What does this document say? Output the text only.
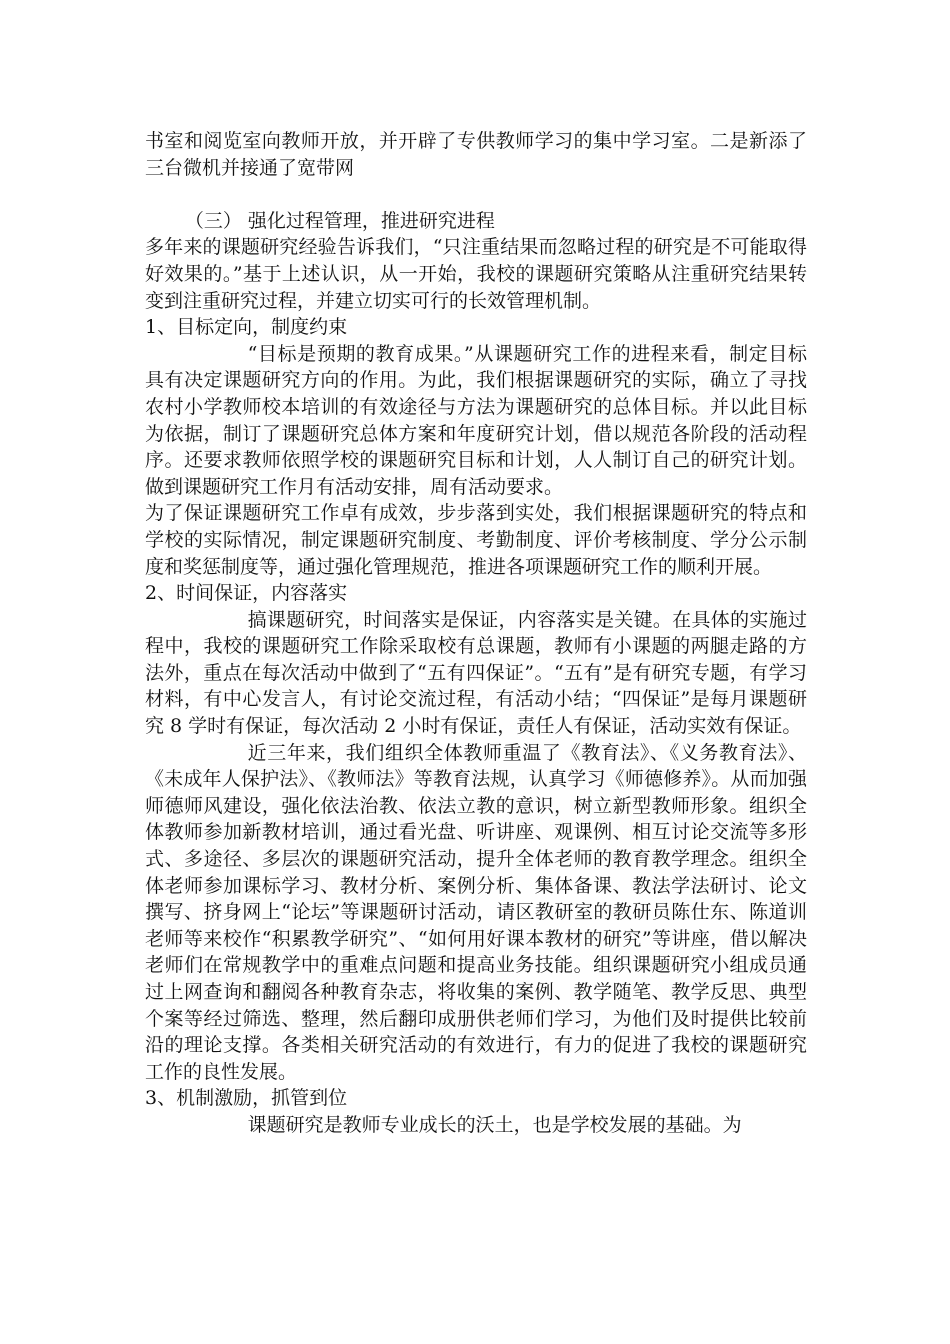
书室和阅览室向教师开放，并开辟了专供教师学习的集中学习室。二是新添了三台微机并接通了宽带网

（三） 强化过程管理，推进研究进程

多年来的课题研究经验告诉我们，“只注重结果而忽略过程的研究是不可能取得好效果的。”基于上述认识，从一开始，我校的课题研究策略从注重研究结果转变到注重研究过程，并建立切实可行的长效管理机制。

1、目标定向，制度约束

“目标是预期的教育成果。”从课题研究工作的进程来看，制定目标具有决定课题研究方向的作用。为此，我们根据课题研究的实际，确立了寻找农村小学教师校本培训的有效途径与方法为课题研究的总体目标。并以此目标为依据，制订了课题研究总体方案和年度研究计划，借以规范各阶段的活动程序。还要求教师依照学校的课题研究目标和计划，人人制订自己的研究计划。做到课题研究工作月有活动安排，周有活动要求。

为了保证课题研究工作卓有成效，步步落到实处，我们根据课题研究的特点和学校的实际情况，制定课题研究制度、考勤制度、评价考核制度、学分公示制度和奖惩制度等，通过强化管理规范，推进各项课题研究工作的顺利开展。

2、时间保证，内容落实

搞课题研究，时间落实是保证，内容落实是关键。在具体的实施过程中，我校的课题研究工作除采取校有总课题，教师有小课题的两腿走路的方法外，重点在每次活动中做到了“五有四保证”。“五有”是有研究专题，有学习材料，有中心发言人，有讨论交流过程，有活动小结；“四保证”是每月课题研究 8 学时有保证，每次活动 2 小时有保证，责任人有保证，活动实效有保证。

近三年来，我们组织全体教师重温了《教育法》、《义务教育法》、《未成年人保护法》、《教师法》等教育法规，认真学习《师德修养》。从而加强师德师风建设，强化依法治教、依法立教的意识，树立新型教师形象。组织全体教师参加新教材培训，通过看光盘、听讲座、观课例、相互讨论交流等多形式、多途径、多层次的课题研究活动，提升全体老师的教育教学理念。组织全体老师参加课标学习、教材分析、案例分析、集体备课、教法学法研讨、论文撰写、挤身网上“论坛”等课题研讨活动，请区教研室的教研员陈仕东、陈道训老师等来校作“积累教学研究”、“如何用好课本教材的研究”等讲座，借以解决老师们在常规教学中的重难点问题和提高业务技能。组织课题研究小组成员通过上网查询和翻阅各种教育杂志，将收集的案例、教学随笔、教学反思、典型个案等经过筛选、整理，然后翻印成册供老师们学习，为他们及时提供比较前沿的理论支撑。各类相关研究活动的有效进行，有力的促进了我校的课题研究工作的良性发展。

3、机制激励，抓管到位

课题研究是教师专业成长的沃土，也是学校发展的基础。为
